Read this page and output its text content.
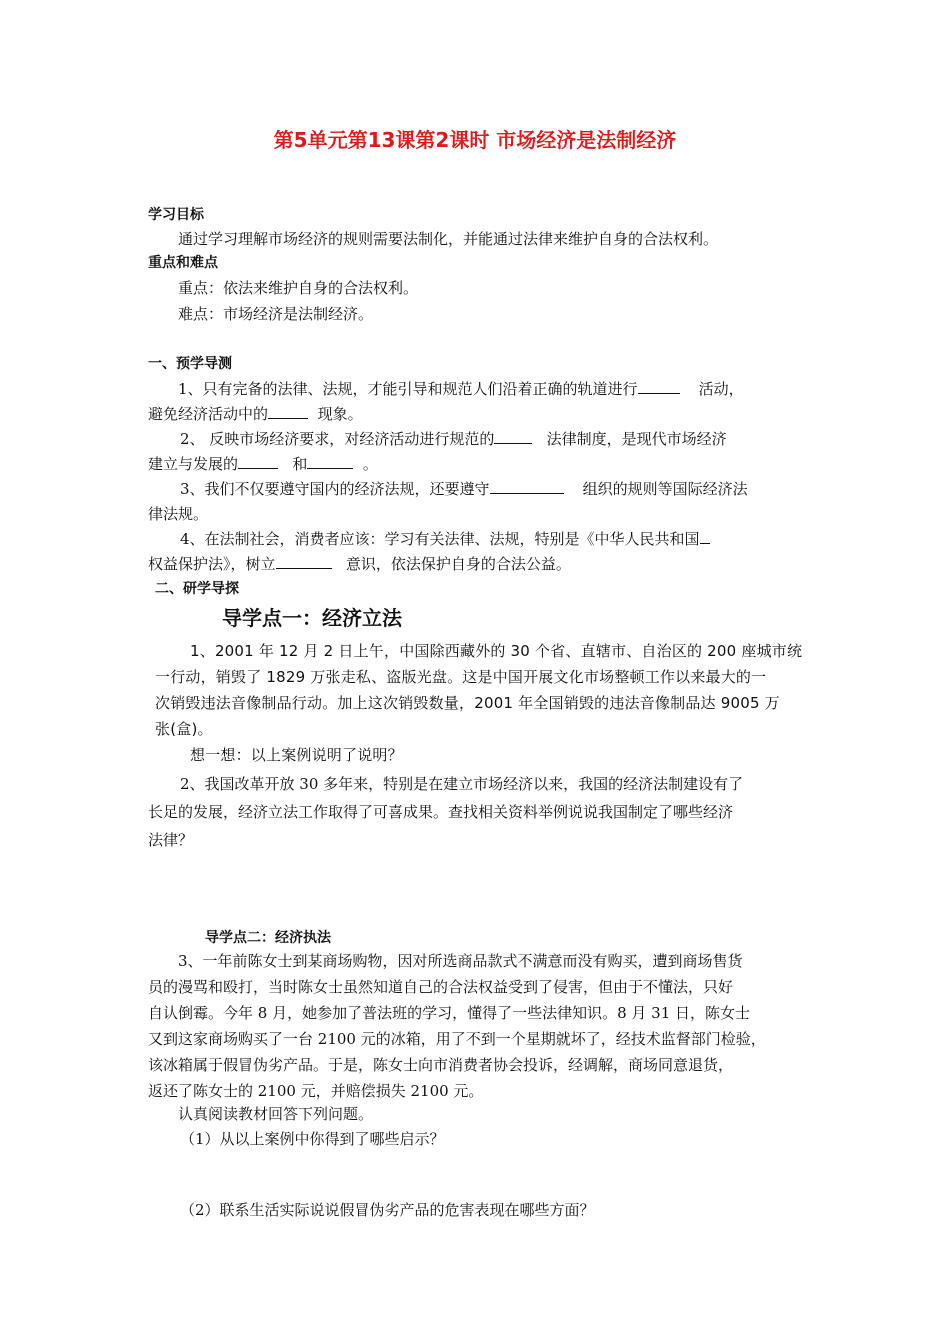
第5单元第13课第2课时 市场经济是法制经济
学习目标
通过学习理解市场经济的规则需要法制化，并能通过法律来维护自身的合法权利。
重点和难点
重点：依法来维护自身的合法权利。
难点：市场经济是法制经济。
一、预学导测
1、只有完备的法律、法规，才能引导和规范人们沿着正确的轨道进行	活动，
避免经济活动中的	现象。
2、 反映市场经济要求，对经济活动进行规范的	法律制度，是现代市场经济
建立与发展的	和	。
3、我们不仅要遵守国内的经济法规，还要遵守	组织的规则等国际经济法
律法规。
4、在法制社会，消费者应该：学习有关法律、法规，特别是《中华人民共和国
权益保护法》，树立	意识，依法保护自身的合法公益。
二、研学导探
导学点一：经济立法
1、2001 年 12 月 2 日上午，中国除西藏外的 30 个省、直辖市、自治区的 200 座城市统
一行动，销毁了 1829 万张走私、盗版光盘。这是中国开展文化市场整顿工作以来最大的一
次销毁违法音像制品行动。加上这次销毁数量，2001 年全国销毁的违法音像制品达 9005 万
张(盒)。
想一想：以上案例说明了说明？
2、我国改革开放 30 多年来，特别是在建立市场经济以来，我国的经济法制建设有了
长足的发展，经济立法工作取得了可喜成果。查找相关资料举例说说我国制定了哪些经济
法律？
导学点二：经济执法
3、一年前陈女士到某商场购物，因对所选商品款式不满意而没有购买，遭到商场售货
员的漫骂和殴打，当时陈女士虽然知道自己的合法权益受到了侵害，但由于不懂法，只好
自认倒霉。今年 8 月，她参加了普法班的学习，懂得了一些法律知识。8 月 31 日，陈女士
又到这家商场购买了一台 2100 元的冰箱，用了不到一个星期就坏了，经技术监督部门检验，
该冰箱属于假冒伪劣产品。于是，陈女士向市消费者协会投诉，经调解，商场同意退货，
返还了陈女士的 2100 元，并赔偿损失 2100 元。
认真阅读教材回答下列问题。
（1）从以上案例中你得到了哪些启示？
（2）联系生活实际说说假冒伪劣产品的危害表现在哪些方面？
